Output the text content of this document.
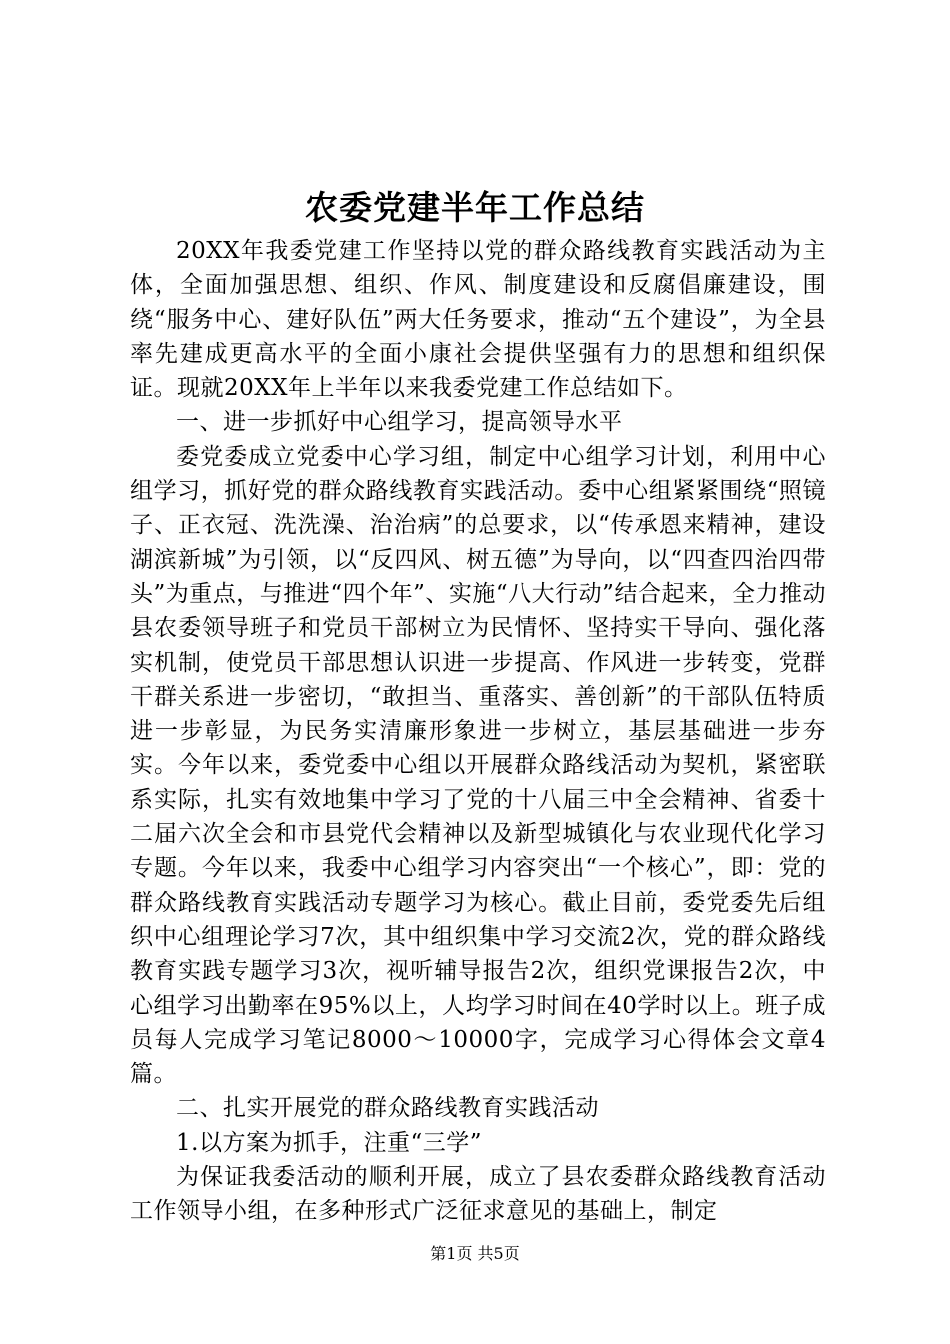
农委党建半年工作总结

20XX年我委党建工作坚持以党的群众路线教育实践活动为主体，全面加强思想、组织、作风、制度建设和反腐倡廉建设，围绕“服务中心、建好队伍”两大任务要求，推动“五个建设”，为全县率先建成更高水平的全面小康社会提供坚强有力的思想和组织保证。现就20XX年上半年以来我委党建工作总结如下。

一、进一步抓好中心组学习，提高领导水平

委党委成立党委中心学习组，制定中心组学习计划，利用中心组学习，抓好党的群众路线教育实践活动。委中心组紧紧围绕“照镜子、正衣冠、洗洗澡、治治病”的总要求，以“传承恩来精神，建设湖滨新城”为引领，以“反四风、树五德”为导向，以“四查四治四带头”为重点，与推进“四个年”、实施“八大行动”结合起来，全力推动县农委领导班子和党员干部树立为民情怀、坚持实干导向、强化落实机制，使党员干部思想认识进一步提高、作风进一步转变，党群干群关系进一步密切，“敢担当、重落实、善创新”的干部队伍特质进一步彰显，为民务实清廉形象进一步树立，基层基础进一步夯实。今年以来，委党委中心组以开展群众路线活动为契机，紧密联系实际，扎实有效地集中学习了党的十八届三中全会精神、省委十二届六次全会和市县党代会精神以及新型城镇化与农业现代化学习专题。今年以来，我委中心组学习内容突出“一个核心”，即：党的群众路线教育实践活动专题学习为核心。截止目前，委党委先后组织中心组理论学习7次，其中组织集中学习交流2次，党的群众路线教育实践专题学习3次，视听辅导报告2次，组织党课报告2次，中心组学习出勤率在95%以上，人均学习时间在40学时以上。班子成员每人完成学习笔记8000～10000字，完成学习心得体会文章4篇。

二、扎实开展党的群众路线教育实践活动

1.以方案为抓手，注重“三学”

为保证我委活动的顺利开展，成立了县农委群众路线教育活动工作领导小组，在多种形式广泛征求意见的基础上，制定

第1页 共5页
